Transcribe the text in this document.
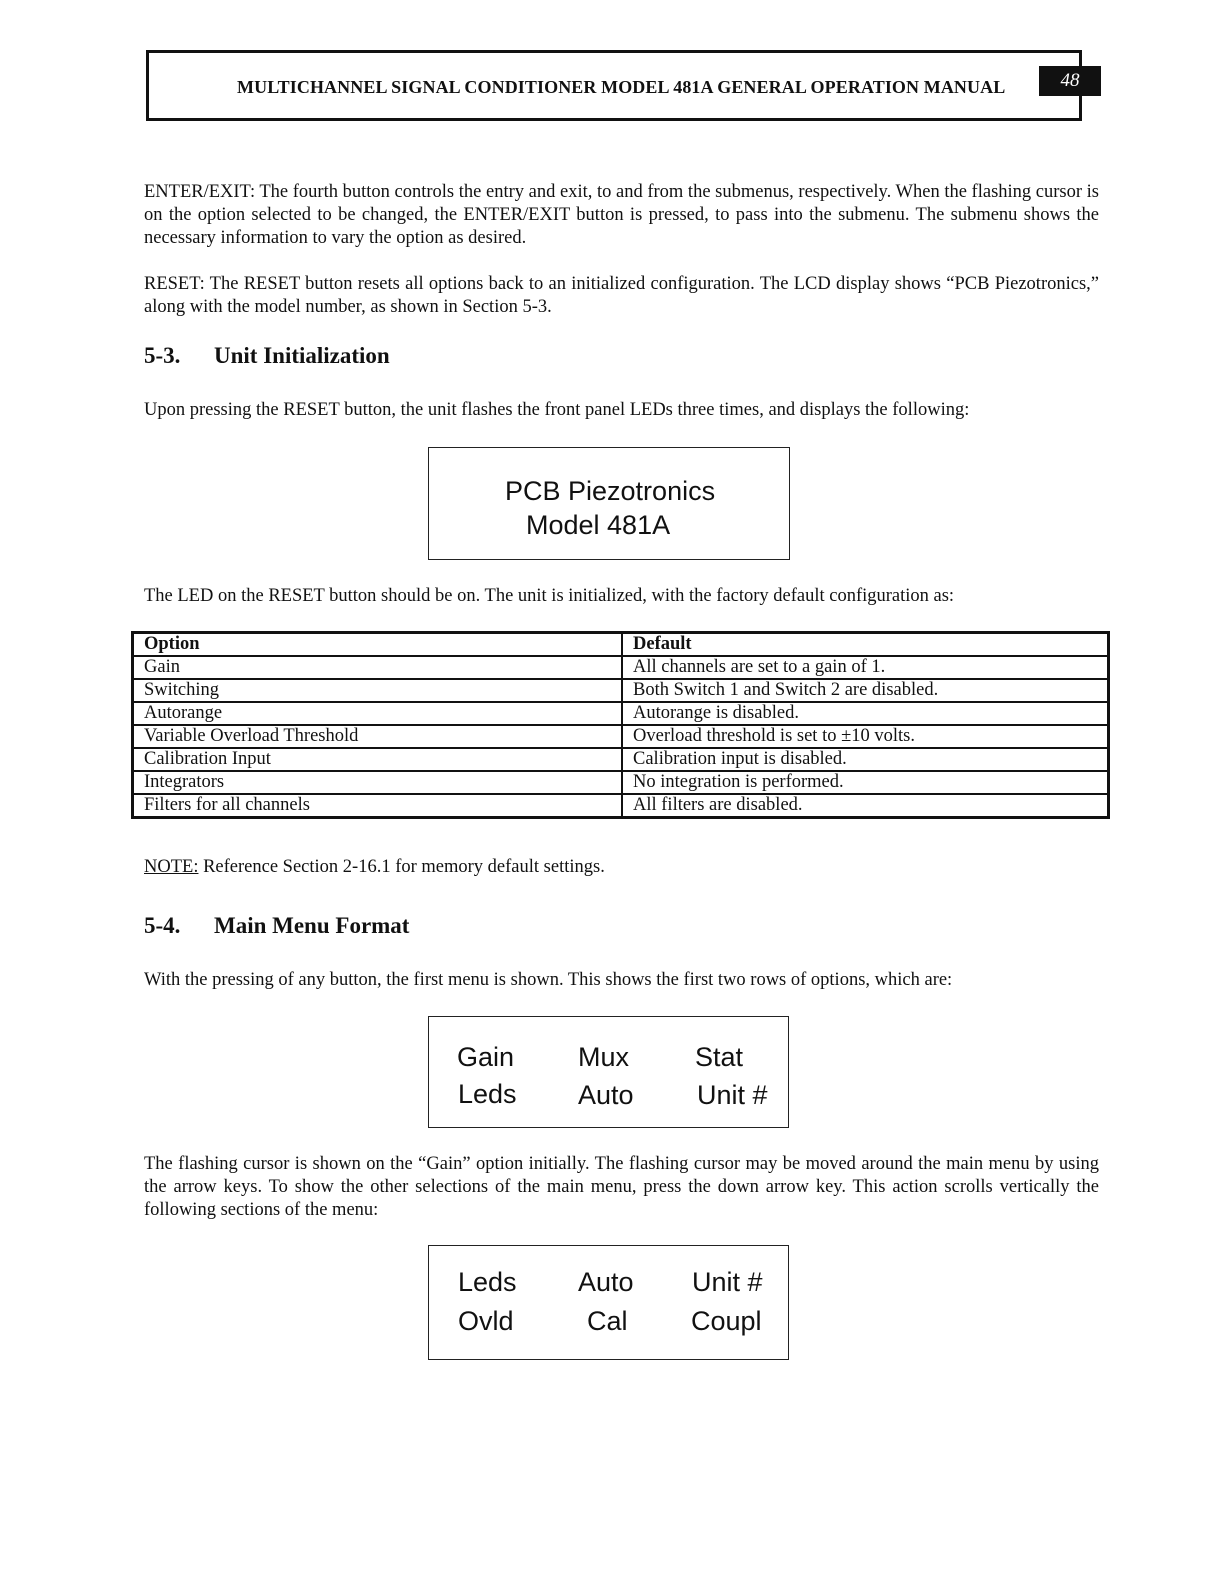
MULTICHANNEL SIGNAL CONDITIONER MODEL 481A GENERAL OPERATION MANUAL	48

ENTER/EXIT: The fourth button controls the entry and exit, to and from the submenus, respectively. When the flashing cursor is on the option selected to be changed, the ENTER/EXIT button is pressed, to pass into the submenu. The submenu shows the necessary information to vary the option as desired.

RESET: The RESET button resets all options back to an initialized configuration. The LCD display shows “PCB Piezotronics,” along with the model number, as shown in Section 5-3.

5-3. Unit Initialization

Upon pressing the RESET button, the unit flashes the front panel LEDs three times, and displays the following:

PCB Piezotronics
Model 481A

The LED on the RESET button should be on. The unit is initialized, with the factory default configuration as:

Option	Default
Gain	All channels are set to a gain of 1.
Switching	Both Switch 1 and Switch 2 are disabled.
Autorange	Autorange is disabled.
Variable Overload Threshold	Overload threshold is set to ±10 volts.
Calibration Input	Calibration input is disabled.
Integrators	No integration is performed.
Filters for all channels	All filters are disabled.

NOTE: Reference Section 2-16.1 for memory default settings.

5-4. Main Menu Format

With the pressing of any button, the first menu is shown. This shows the first two rows of options, which are:

Gain Mux Stat
Leds Auto Unit #

The flashing cursor is shown on the “Gain” option initially. The flashing cursor may be moved around the main menu by using the arrow keys. To show the other selections of the main menu, press the down arrow key. This action scrolls vertically the following sections of the menu:

Leds Auto Unit #
Ovld	Cal Coupl
